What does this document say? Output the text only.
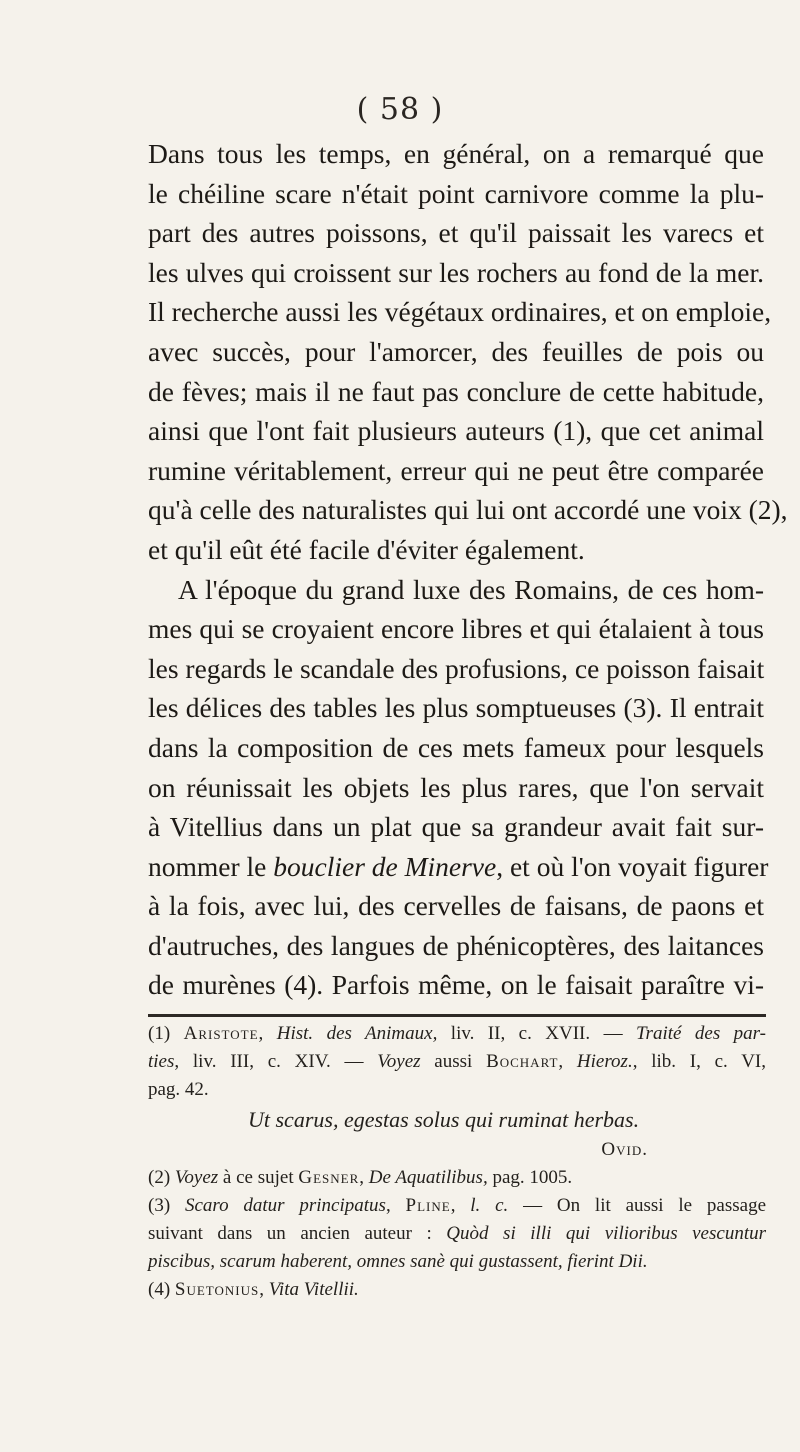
( 58 )
Dans tous les temps, en général, on a remarqué que
le chéiline scare n'était point carnivore comme la plu-
part des autres poissons, et qu'il paissait les varecs et
les ulves qui croissent sur les rochers au fond de la mer.
Il recherche aussi les végétaux ordinaires, et on emploie,
avec succès, pour l'amorcer, des feuilles de pois ou
de fèves; mais il ne faut pas conclure de cette habitude,
ainsi que l'ont fait plusieurs auteurs (1), que cet animal
rumine véritablement, erreur qui ne peut être comparée
qu'à celle des naturalistes qui lui ont accordé une voix (2),
et qu'il eût été facile d'éviter également.
A l'époque du grand luxe des Romains, de ces hom-
mes qui se croyaient encore libres et qui étalaient à tous
les regards le scandale des profusions, ce poisson faisait
les délices des tables les plus somptueuses (3). Il entrait
dans la composition de ces mets fameux pour lesquels
on réunissait les objets les plus rares, que l'on servait
à Vitellius dans un plat que sa grandeur avait fait sur-
nommer le bouclier de Minerve, et où l'on voyait figurer
à la fois, avec lui, des cervelles de faisans, de paons et
d'autruches, des langues de phénicoptères, des laitances
de murènes (4). Parfois même, on le faisait paraître vi-
(1) Aristote, Hist. des Animaux, liv. II, c. XVII. — Traité des par-
ties, liv. III, c. XIV. — Voyez aussi Bochart, Hieroz., lib. I, c. VI,
pag. 42.
Ut scarus, egestas solus qui ruminat herbas.
Ovid.
(2) Voyez à ce sujet Gesner, De Aquatilibus, pag. 1005.
(3) Scaro datur principatus, Pline, l. c. — On lit aussi le passage
suivant dans un ancien auteur : Quòd si illi qui vilioribus vescuntur
piscibus, scarum haberent, omnes sanè qui gustassent, fierint Dii.
(4) Suetonius, Vita Vitellii.
